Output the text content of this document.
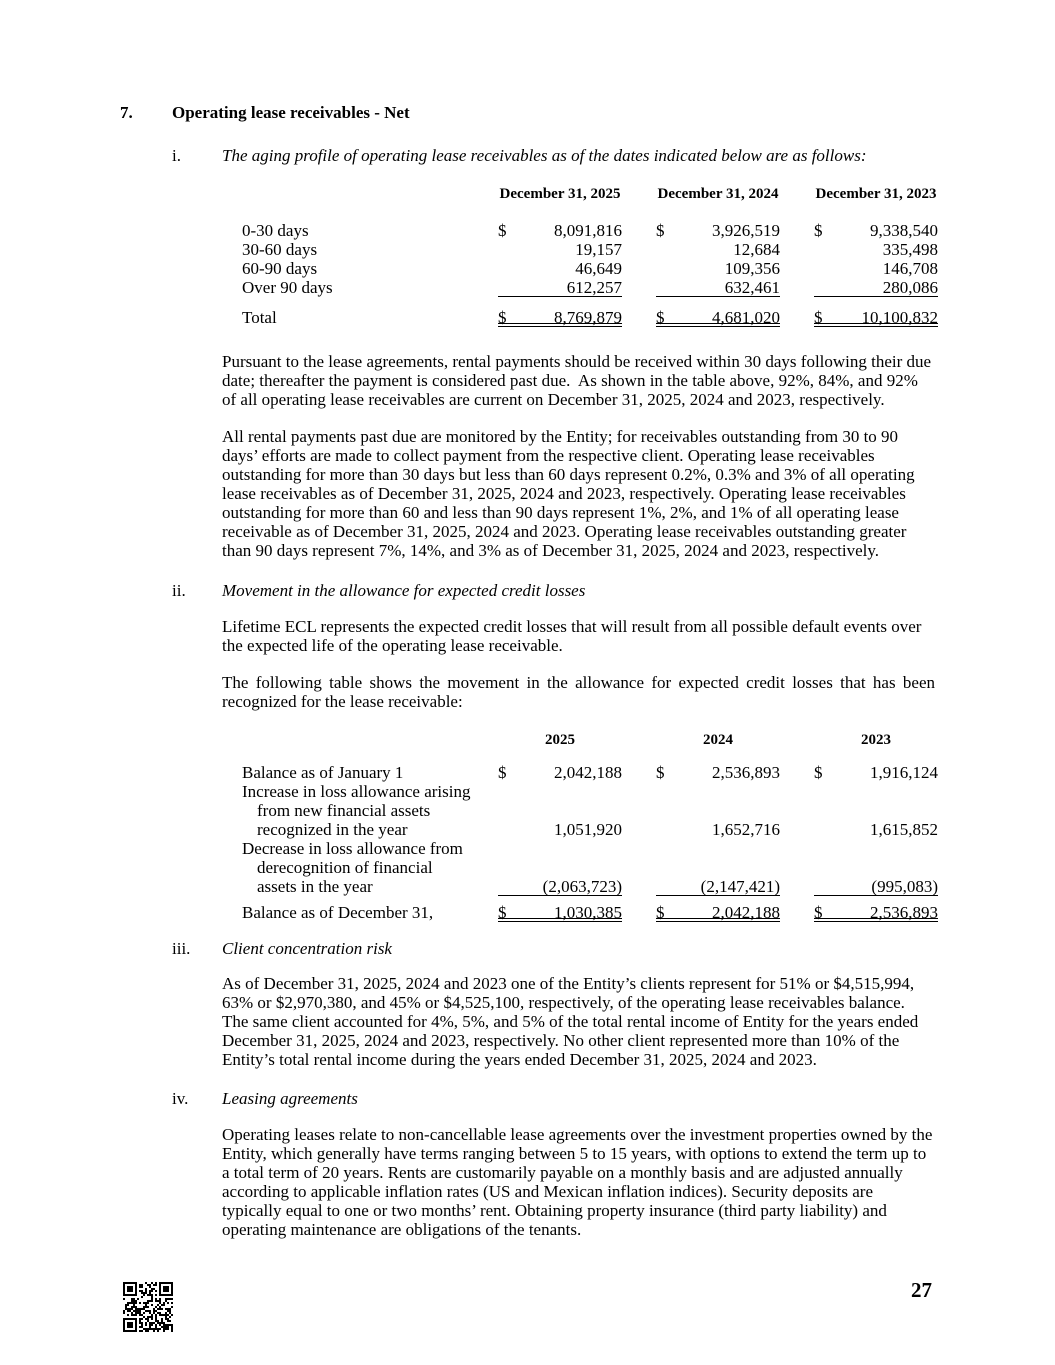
7.	Operating lease receivables - Net
i.	The aging profile of operating lease receivables as of the dates indicated below are as follows:
December 31, 2025 December 31, 2024 December 31, 2023
0-30 days	$	8,091,816 $	3,926,519 $	9,338,540
30-60 days	19,157	12,684	335,498
60-90 days	46,649	109,356	146,708
Over 90 days	612,257	632,461	280,086
Total	$	8,769,879 $	4,681,020 $ 10,100,832

Pursuant to the lease agreements, rental payments should be received within 30 days following their due date; thereafter the payment is considered past due.  As shown in the table above, 92%, 84%, and 92% of all operating lease receivables are current on December 31, 2025, 2024 and 2023, respectively.

All rental payments past due are monitored by the Entity; for receivables outstanding from 30 to 90 days’ efforts are made to collect payment from the respective client. Operating lease receivables outstanding for more than 30 days but less than 60 days represent 0.2%, 0.3% and 3% of all operating lease receivables as of December 31, 2025, 2024 and 2023, respectively. Operating lease receivables outstanding for more than 60 and less than 90 days represent 1%, 2%, and 1% of all operating lease receivable as of December 31, 2025, 2024 and 2023. Operating lease receivables outstanding greater than 90 days represent 7%, 14%, and 3% as of December 31, 2025, 2024 and 2023, respectively.

ii.	Movement in the allowance for expected credit losses

Lifetime ECL represents the expected credit losses that will result from all possible default events over the expected life of the operating lease receivable.

The following table shows the movement in the allowance for expected credit losses that has been recognized for the lease receivable:

2025	2024	2023
Balance as of January 1	$	2,042,188 $	2,536,893 $	1,916,124
Increase in loss allowance arising
from new financial assets
recognized in the year	1,051,920	1,652,716	1,615,852
Decrease in loss allowance from
derecognition of financial
assets in the year	(2,063,723)	(2,147,421)	(995,083)
Balance as of December 31,	$	1,030,385 $	2,042,188 $	2,536,893
iii.	Client concentration risk

As of December 31, 2025, 2024 and 2023 one of the Entity’s clients represent for 51% or $4,515,994, 63% or $2,970,380, and 45% or $4,525,100, respectively, of the operating lease receivables balance. The same client accounted for 4%, 5%, and 5% of the total rental income of Entity for the years ended December 31, 2025, 2024 and 2023, respectively. No other client represented more than 10% of the Entity’s total rental income during the years ended December 31, 2025, 2024 and 2023.

iv.	Leasing agreements

Operating leases relate to non-cancellable lease agreements over the investment properties owned by the Entity, which generally have terms ranging between 5 to 15 years, with options to extend the term up to a total term of 20 years. Rents are customarily payable on a monthly basis and are adjusted annually according to applicable inflation rates (US and Mexican inflation indices). Security deposits are typically equal to one or two months’ rent. Obtaining property insurance (third party liability) and operating maintenance are obligations of the tenants.

27
